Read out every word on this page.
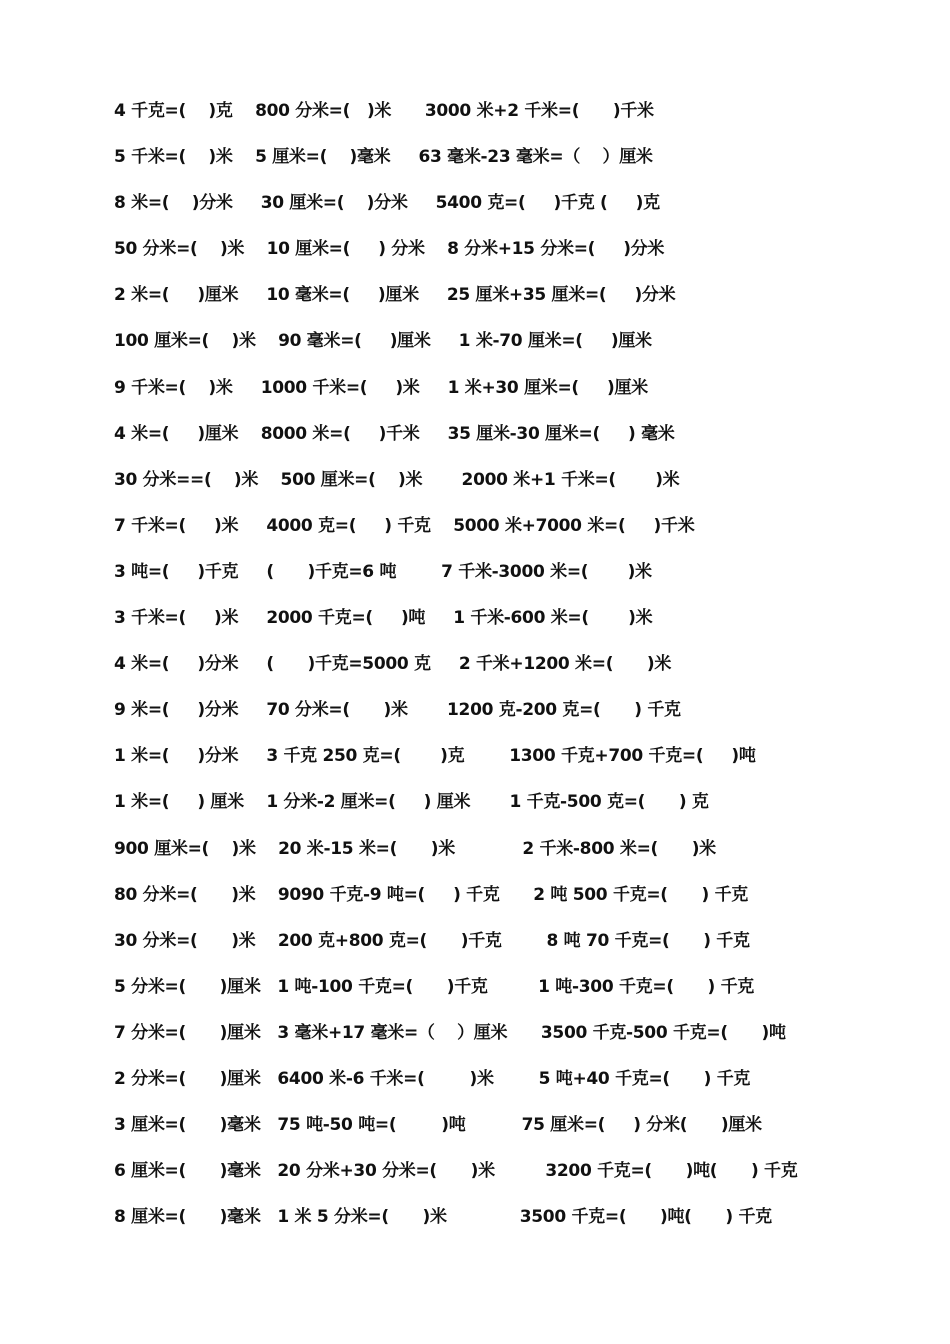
4 千克=(    )克    800 分米=(   )米      3000 米+2 千米=(      )千米
5 千米=(    )米    5 厘米=(    )毫米     63 毫米-23 毫米=（    ）厘米
8 米=(    )分米     30 厘米=(    )分米     5400 克=(     )千克 (     )克
50 分米=(    )米    10 厘米=(     ) 分米    8 分米+15 分米=(     )分米
2 米=(     )厘米     10 毫米=(     )厘米     25 厘米+35 厘米=(     )分米
100 厘米=(    )米    90 毫米=(     )厘米     1 米-70 厘米=(     )厘米
9 千米=(    )米     1000 千米=(     )米     1 米+30 厘米=(     )厘米
4 米=(     )厘米    8000 米=(     )千米     35 厘米-30 厘米=(     ) 毫米
30 分米==(    )米    500 厘米=(    )米       2000 米+1 千米=(       )米
7 千米=(     )米     4000 克=(     ) 千克    5000 米+7000 米=(     )千米
3 吨=(     )千克     (      )千克=6 吨        7 千米-3000 米=(       )米
3 千米=(     )米     2000 千克=(     )吨     1 千米-600 米=(       )米
4 米=(     )分米     (      )千克=5000 克     2 千米+1200 米=(      )米
9 米=(     )分米     70 分米=(      )米       1200 克-200 克=(      ) 千克
1 米=(     )分米     3 千克 250 克=(       )克        1300 千克+700 千克=(     )吨
1 米=(     ) 厘米    1 分米-2 厘米=(     ) 厘米       1 千克-500 克=(      ) 克
900 厘米=(    )米    20 米-15 米=(      )米            2 千米-800 米=(      )米
80 分米=(      )米    9090 千克-9 吨=(     ) 千克      2 吨 500 千克=(      ) 千克
30 分米=(      )米    200 克+800 克=(      )千克        8 吨 70 千克=(      ) 千克
5 分米=(      )厘米   1 吨-100 千克=(      )千克         1 吨-300 千克=(      ) 千克
7 分米=(      )厘米   3 毫米+17 毫米=（    ）厘米      3500 千克-500 千克=(      )吨
2 分米=(      )厘米   6400 米-6 千米=(        )米        5 吨+40 千克=(      ) 千克
3 厘米=(      )毫米   75 吨-50 吨=(        )吨          75 厘米=(     ) 分米(      )厘米
6 厘米=(      )毫米   20 分米+30 分米=(      )米         3200 千克=(      )吨(      ) 千克
8 厘米=(      )毫米   1 米 5 分米=(      )米             3500 千克=(      )吨(      ) 千克
